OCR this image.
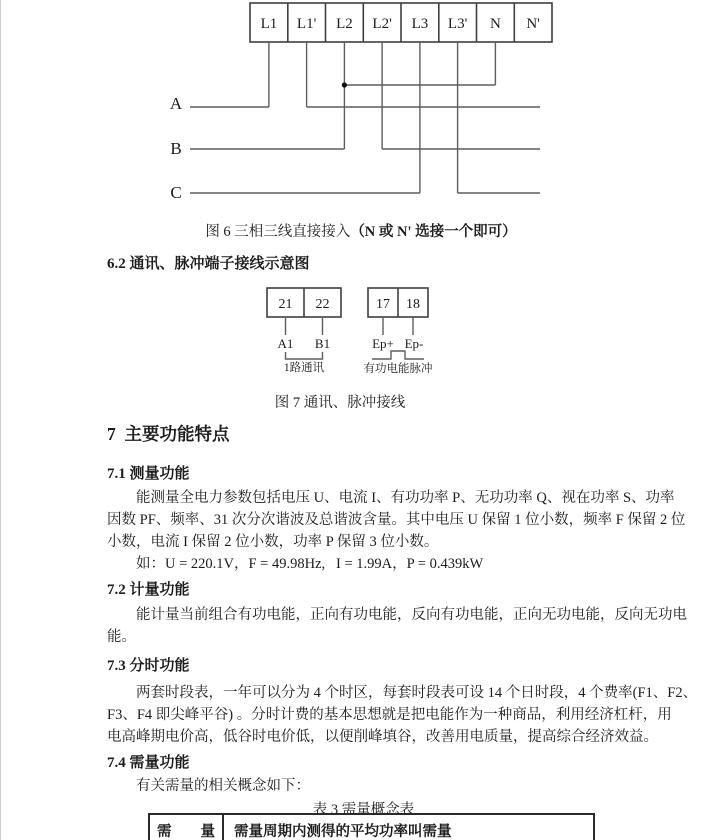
L1 L1' L2 L2' L3 L3' N N'
A
B
C
图 6 三相三线直接接入（N 或 N' 选接一个即可）
6.2 通讯、脉冲端子接线示意图
21 22
A1 B1
1路通讯
17 18
Ep+ Ep-
有功电能脉冲
图 7 通讯、脉冲接线
7  主要功能特点
7.1 测量功能
能测量全电力参数包括电压 U、电流 I、有功功率 P、无功功率 Q、视在功率 S、功率
因数 PF、频率、31 次分次谐波及总谐波含量。其中电压 U 保留 1 位小数，频率 F 保留 2 位
小数，电流 I 保留 2 位小数，功率 P 保留 3 位小数。
如：U = 220.1V，F = 49.98Hz,   I = 1.99A，P = 0.439kW
7.2 计量功能
能计量当前组合有功电能，正向有功电能，反向有功电能，正向无功电能，反向无功电
能。
7.3 分时功能
两套时段表，一年可以分为 4 个时区，每套时段表可设 14 个日时段，4 个费率(F1、F2、
F3、F4 即尖峰平谷) 。分时计费的基本思想就是把电能作为一种商品，利用经济杠杆，用
电高峰期电价高，低谷时电价低，以便削峰填谷，改善用电质量，提高综合经济效益。
7.4 需量功能
有关需量的相关概念如下：
表 3 需量概念表
需　　量	需量周期内测得的平均功率叫需量
